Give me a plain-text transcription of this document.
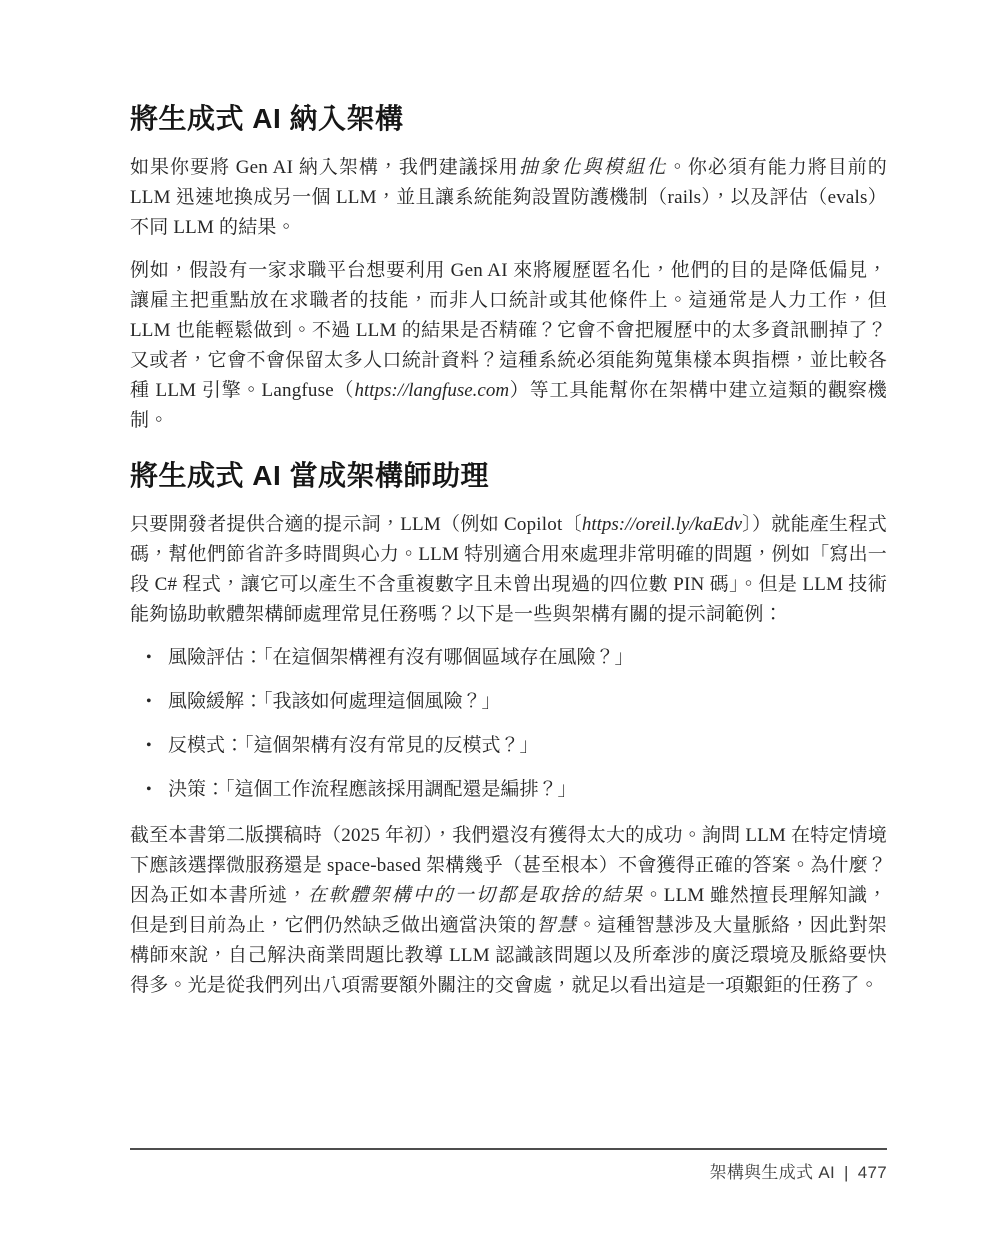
將生成式 AI 納入架構

如果你要將 Gen AI 納入架構，我們建議採用抽象化與模組化。你必須有能力將目前的 LLM 迅速地換成另一個 LLM，並且讓系統能夠設置防護機制（rails），以及評估（evals）不同 LLM 的結果。

例如，假設有一家求職平台想要利用 Gen AI 來將履歷匿名化，他們的目的是降低偏見，讓雇主把重點放在求職者的技能，而非人口統計或其他條件上。這通常是人力工作，但 LLM 也能輕鬆做到。不過 LLM 的結果是否精確？它會不會把履歷中的太多資訊刪掉了？又或者，它會不會保留太多人口統計資料？這種系統必須能夠蒐集樣本與指標，並比較各種 LLM 引擎。Langfuse（https://langfuse.com）等工具能幫你在架構中建立這類的觀察機制。

將生成式 AI 當成架構師助理

只要開發者提供合適的提示詞，LLM（例如 Copilot〔https://oreil.ly/kaEdv〕）就能產生程式碼，幫他們節省許多時間與心力。LLM 特別適合用來處理非常明確的問題，例如「寫出一段 C# 程式，讓它可以產生不含重複數字且未曾出現過的四位數 PIN 碼」。但是 LLM 技術能夠協助軟體架構師處理常見任務嗎？以下是一些與架構有關的提示詞範例：

• 風險評估：「在這個架構裡有沒有哪個區域存在風險？」
• 風險緩解：「我該如何處理這個風險？」
• 反模式：「這個架構有沒有常見的反模式？」
• 決策：「這個工作流程應該採用調配還是編排？」

截至本書第二版撰稿時（2025 年初），我們還沒有獲得太大的成功。詢問 LLM 在特定情境下應該選擇微服務還是 space-based 架構幾乎（甚至根本）不會獲得正確的答案。為什麼？因為正如本書所述，在軟體架構中的一切都是取捨的結果。LLM 雖然擅長理解知識，但是到目前為止，它們仍然缺乏做出適當決策的智慧。這種智慧涉及大量脈絡，因此對架構師來說，自己解決商業問題比教導 LLM 認識該問題以及所牽涉的廣泛環境及脈絡要快得多。光是從我們列出八項需要額外關注的交會處，就足以看出這是一項艱鉅的任務了。

架構與生成式 AI | 477
